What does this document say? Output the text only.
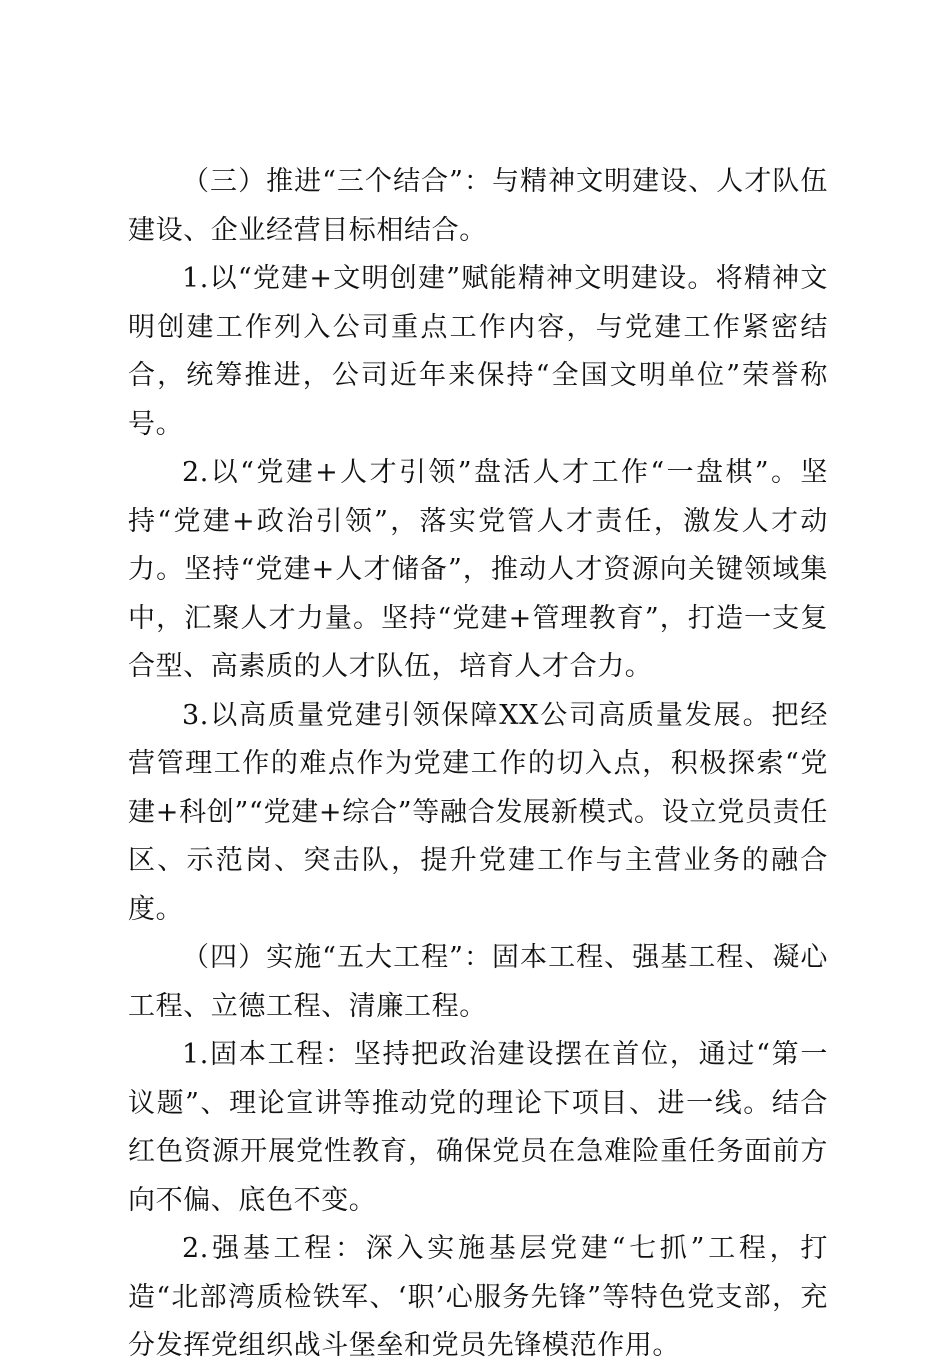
（三）推进“三个结合”：与精神文明建设、人才队伍建设、企业经营目标相结合。

1.以“党建+文明创建”赋能精神文明建设。将精神文明创建工作列入公司重点工作内容，与党建工作紧密结合，统筹推进，公司近年来保持“全国文明单位”荣誉称号。

2.以“党建+人才引领”盘活人才工作“一盘棋”。坚持“党建+政治引领”，落实党管人才责任，激发人才动力。坚持“党建+人才储备”，推动人才资源向关键领域集中，汇聚人才力量。坚持“党建+管理教育”，打造一支复合型、高素质的人才队伍，培育人才合力。

3.以高质量党建引领保障XX公司高质量发展。把经营管理工作的难点作为党建工作的切入点，积极探索“党建+科创”“党建+综合”等融合发展新模式。设立党员责任区、示范岗、突击队，提升党建工作与主营业务的融合度。

（四）实施“五大工程”：固本工程、强基工程、凝心工程、立德工程、清廉工程。

1.固本工程：坚持把政治建设摆在首位，通过“第一议题”、理论宣讲等推动党的理论下项目、进一线。结合红色资源开展党性教育，确保党员在急难险重任务面前方向不偏、底色不变。

2.强基工程：深入实施基层党建“七抓”工程，打造“北部湾质检铁军、‘职’心服务先锋”等特色党支部，充分发挥党组织战斗堡垒和党员先锋模范作用。
